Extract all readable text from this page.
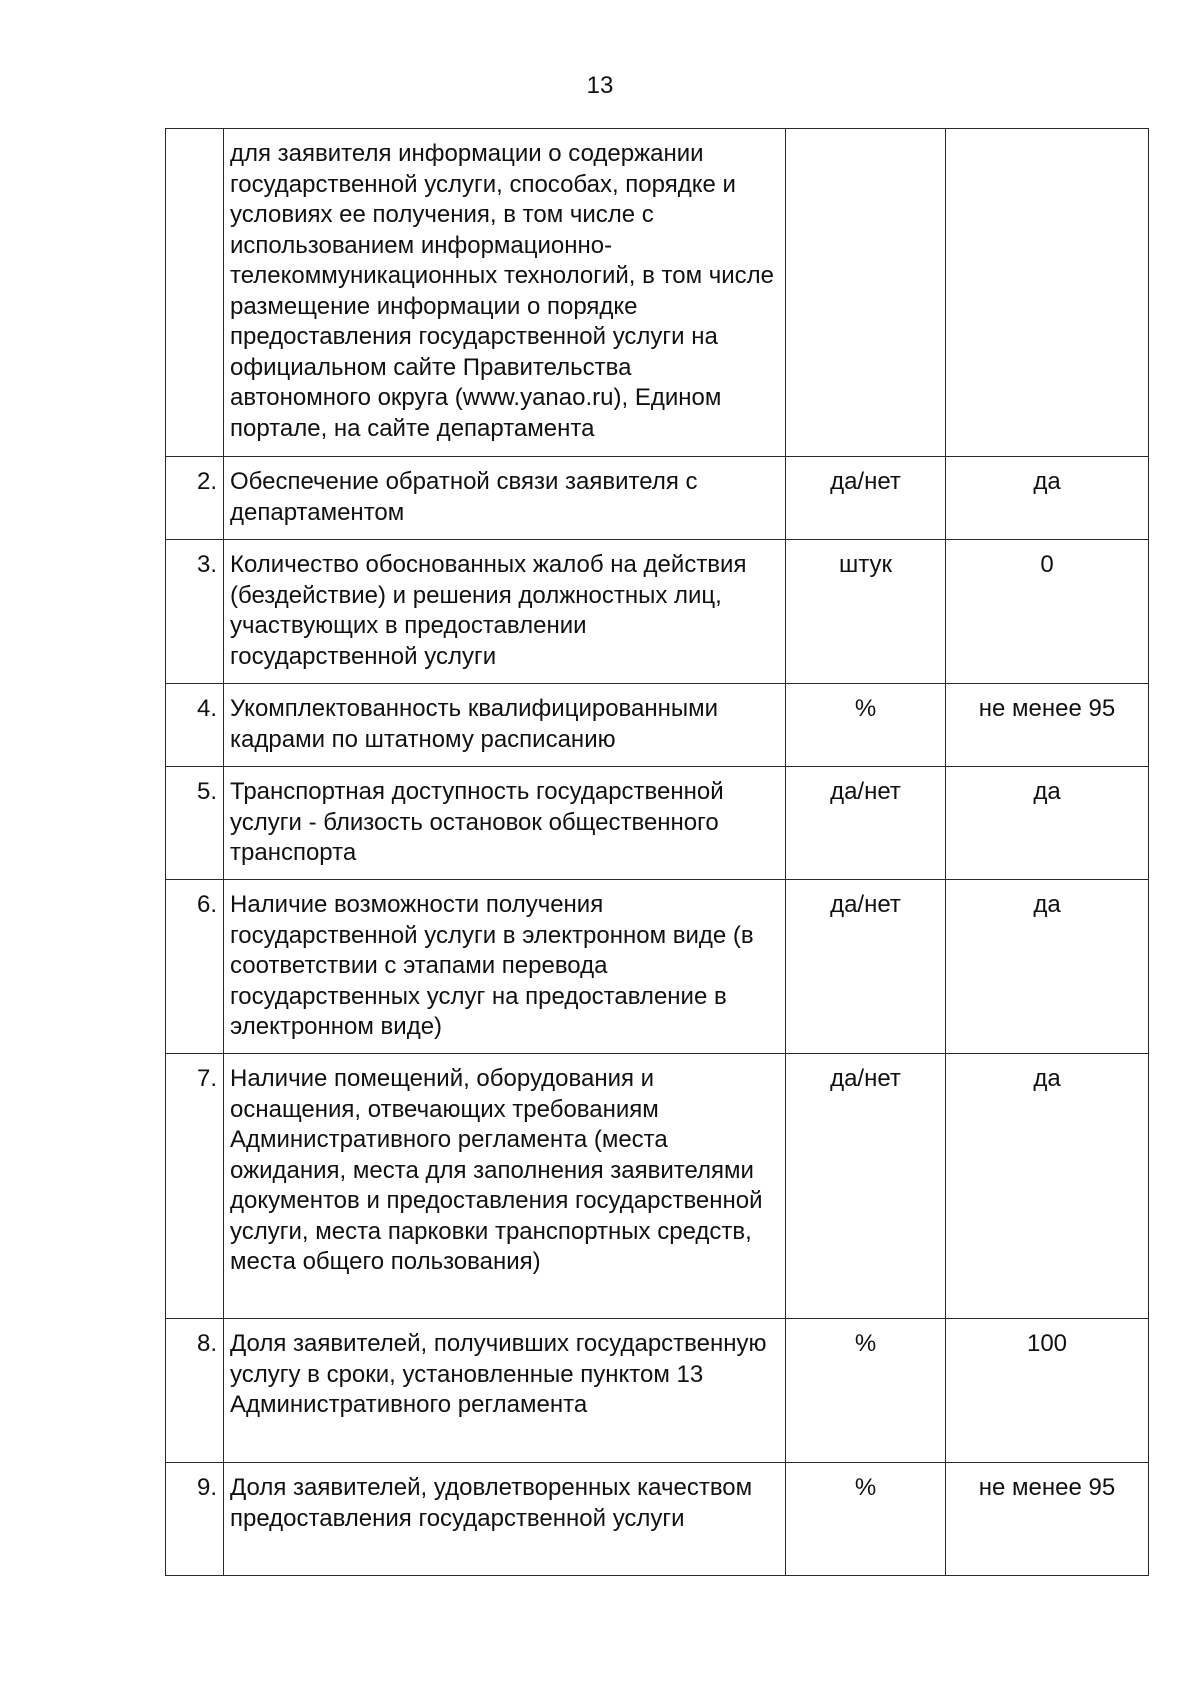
13
	для заявителя информации о содержании государственной услуги, способах, порядке и условиях ее получения, в том числе с использованием информационно-телекоммуникационных технологий, в том числе размещение информации о порядке предоставления государственной услуги на официальном сайте Правительства автономного округа (www.yanao.ru), Едином портале, на сайте департамента		
2.	Обеспечение обратной связи заявителя с департаментом	да/нет	да
3.	Количество обоснованных жалоб на действия (бездействие) и решения должностных лиц, участвующих в предоставлении государственной услуги	штук	0
4.	Укомплектованность квалифицированными кадрами по штатному расписанию	%	не менее 95
5.	Транспортная доступность государственной услуги - близость остановок общественного транспорта	да/нет	да
6.	Наличие возможности получения государственной услуги в электронном виде (в соответствии с этапами перевода государственных услуг на предоставление в электронном виде)	да/нет	да
7.	Наличие помещений, оборудования и оснащения, отвечающих требованиям Административного регламента (места ожидания, места для заполнения заявителями документов и предоставления государственной услуги, места парковки транспортных средств, места общего пользования)	да/нет	да
8.	Доля заявителей, получивших государственную услугу в сроки, установленные пунктом 13 Административного регламента	%	100
9.	Доля заявителей, удовлетворенных качеством предоставления государственной услуги	%	не менее 95
